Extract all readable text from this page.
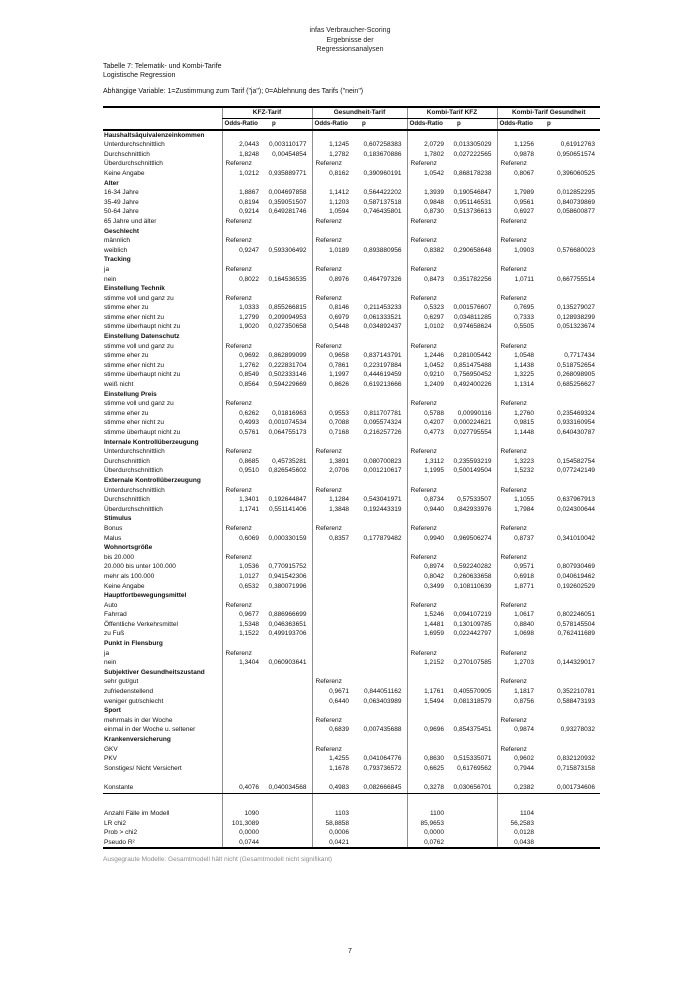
infas Verbraucher-Scoring
Ergebnisse der
Regressionsanalysen
Tabelle 7: Telematik- und Kombi-Tarife
Logistische Regression
Abhängige Variable: 1=Zustimmung zum Tarif ("ja"); 0=Ablehnung des Tarifs ("nein")
	KFZ-Tarif		Gesundheit-Tarif		Kombi-Tarif KFZ		Kombi-Tarif Gesundheit	
	Odds-Ratio	p	Odds-Ratio	p	Odds-Ratio	p	Odds-Ratio	p
Haushaltsäquivalenzeinkommen								
Unterdurchschnittlich	2,0443	0,003110177	1,1245	0,607258383	2,0729	0,013305029	1,1256	0,61912763
Durchschnittlich	1,8248	0,00454854	1,2782	0,183670886	1,7802	0,027222565	0,9878	0,950651574
Überdurchschnittlich	Referenz		Referenz		Referenz		Referenz	
Keine Angabe	1,0212	0,935889771	0,8162	0,390960191	1,0542	0,868178238	0,8067	0,396060525
Alter								
16-34 Jahre	1,8867	0,004697858	1,1412	0,564422202	1,3939	0,190546847	1,7989	0,012852295
35-49 Jahre	0,8194	0,359051507	1,1203	0,587137518	0,9848	0,951146531	0,9561	0,840739869
50-64 Jahre	0,9214	0,649281746	1,0594	0,746435801	0,8730	0,513736613	0,6927	0,058600877
65 Jahre und älter	Referenz		Referenz		Referenz		Referenz	
Geschlecht								
männlich	Referenz		Referenz		Referenz		Referenz	
weiblich	0,9247	0,593306492	1,0189	0,893880956	0,8382	0,290658648	1,0903	0,576680023
Tracking								
ja	Referenz		Referenz		Referenz		Referenz	
nein	0,8022	0,164536535	0,8976	0,464797326	0,8473	0,351782256	1,0711	0,667755514
Einstellung Technik								
stimme voll und ganz zu	Referenz		Referenz		Referenz		Referenz	
stimme eher zu	1,0333	0,855266815	0,8146	0,211453233	0,5323	0,001576607	0,7695	0,135279027
stimme eher nicht zu	1,2799	0,209094953	0,6979	0,061333521	0,6297	0,034811285	0,7333	0,128938299
stimme überhaupt nicht zu	1,9020	0,027350658	0,5448	0,034892437	1,0102	0,974658624	0,5505	0,051323674
Einstellung Datenschutz								
stimme voll und ganz zu	Referenz		Referenz		Referenz		Referenz	
stimme eher zu	0,9692	0,862899099	0,9658	0,837143791	1,2446	0,281005442	1,0548	0,7717434
stimme eher nicht zu	1,2762	0,222831704	0,7861	0,223197884	1,0452	0,851475488	1,1438	0,518752654
stimme überhaupt nicht zu	0,8549	0,502333146	1,1997	0,444619459	0,9210	0,756950452	1,3225	0,268098905
weiß nicht	0,8564	0,594229669	0,8626	0,619213666	1,2409	0,492400226	1,1314	0,685256627
Einstellung Preis								
stimme voll und ganz zu	Referenz				Referenz		Referenz	
stimme eher zu	0,6262	0,01816963	0,9553	0,811707781	0,5788	0,00990116	1,2760	0,235469324
stimme eher nicht zu	0,4993	0,001074534	0,7088	0,095574324	0,4207	0,000224621	0,9815	0,933160954
stimme überhaupt nicht zu	0,5761	0,064755173	0,7168	0,216257726	0,4773	0,027795554	1,1448	0,640430787
Internale Kontrollüberzeugung								
Unterdurchschnittlich	Referenz		Referenz		Referenz		Referenz	
Durchschnittlich	0,8685	0,45735281	1,3891	0,080700823	1,3112	0,235593219	1,3223	0,154582754
Überdurchschnittlich	0,9510	0,826545602	2,0706	0,001210617	1,1995	0,500149504	1,5232	0,077242149
Externale Kontrollüberzeugung								
Unterdurchschnittlich	Referenz		Referenz		Referenz		Referenz	
Durchschnittlich	1,3401	0,192644847	1,1284	0,543041971	0,8734	0,57533507	1,1055	0,637967913
Überdurchschnittlich	1,1741	0,551141406	1,3848	0,192443319	0,9440	0,842933976	1,7984	0,024300644
Stimulus								
Bonus	Referenz		Referenz		Referenz		Referenz	
Malus	0,6069	0,000330159	0,8357	0,177879482	0,9940	0,969506274	0,8737	0,341010042
Wohnortsgröße								
bis 20.000	Referenz				Referenz		Referenz	
20.000 bis unter 100.000	1,0536	0,770915752			0,8974	0,592240282	0,9571	0,807930469
mehr als 100.000	1,0127	0,941542306			0,8042	0,260633658	0,6918	0,040619462
Keine Angabe	0,6532	0,380071996			0,3499	0,108110639	1,8771	0,192602529
Hauptfortbewegungsmittel								
Auto	Referenz				Referenz		Referenz	
Fahrrad	0,9677	0,886966699			1,5246	0,094107219	1,0617	0,802246051
Öffentliche Verkehrsmittel	1,5348	0,046363651			1,4481	0,130109785	0,8840	0,578145504
zu Fuß	1,1522	0,499193706			1,6959	0,022442797	1,0698	0,762411689
Punkt in Flensburg								
ja	Referenz				Referenz		Referenz	
nein	1,3404	0,060903641			1,2152	0,270107585	1,2703	0,144329017
Subjektiver Gesundheitszustand								
sehr gut/gut			Referenz				Referenz	
zufriedenstellend			0,9671	0,844051162	1,1761	0,405570905	1,1817	0,352210781
weniger gut/schlecht			0,6440	0,063403989	1,5494	0,081318579	0,8756	0,588473193
Sport								
mehrmals in der Woche			Referenz				Referenz	
einmal in der Woche u. seltener			0,6839	0,007435688	0,9696	0,854375451	0,9874	0,93278032
Krankenversicherung								
GKV			Referenz				Referenz	
PKV			1,4255	0,041064776	0,8630	0,515335071	0,9602	0,832120932
Sonstiges/ Nicht Versichert			1,1678	0,793736572	0,6625	0,61769562	0,7944	0,715873158

Konstante	0,4076	0,040034568	0,4983	0,082666845	0,3278	0,030656701	0,2382	0,001734606

Anzahl Fälle im Modell	1090		1103		1100		1104	
LR chi2	101,3089		58,8858		85,9653		56,2583	
Prob > chi2	0,0000		0,0006		0,0000		0,0128	
Pseudo R²	0,0744		0,0421		0,0762		0,0438	
Ausgegraute Modelle: Gesamtmodell hält nicht (Gesamtmodell nicht signifikant)
7
